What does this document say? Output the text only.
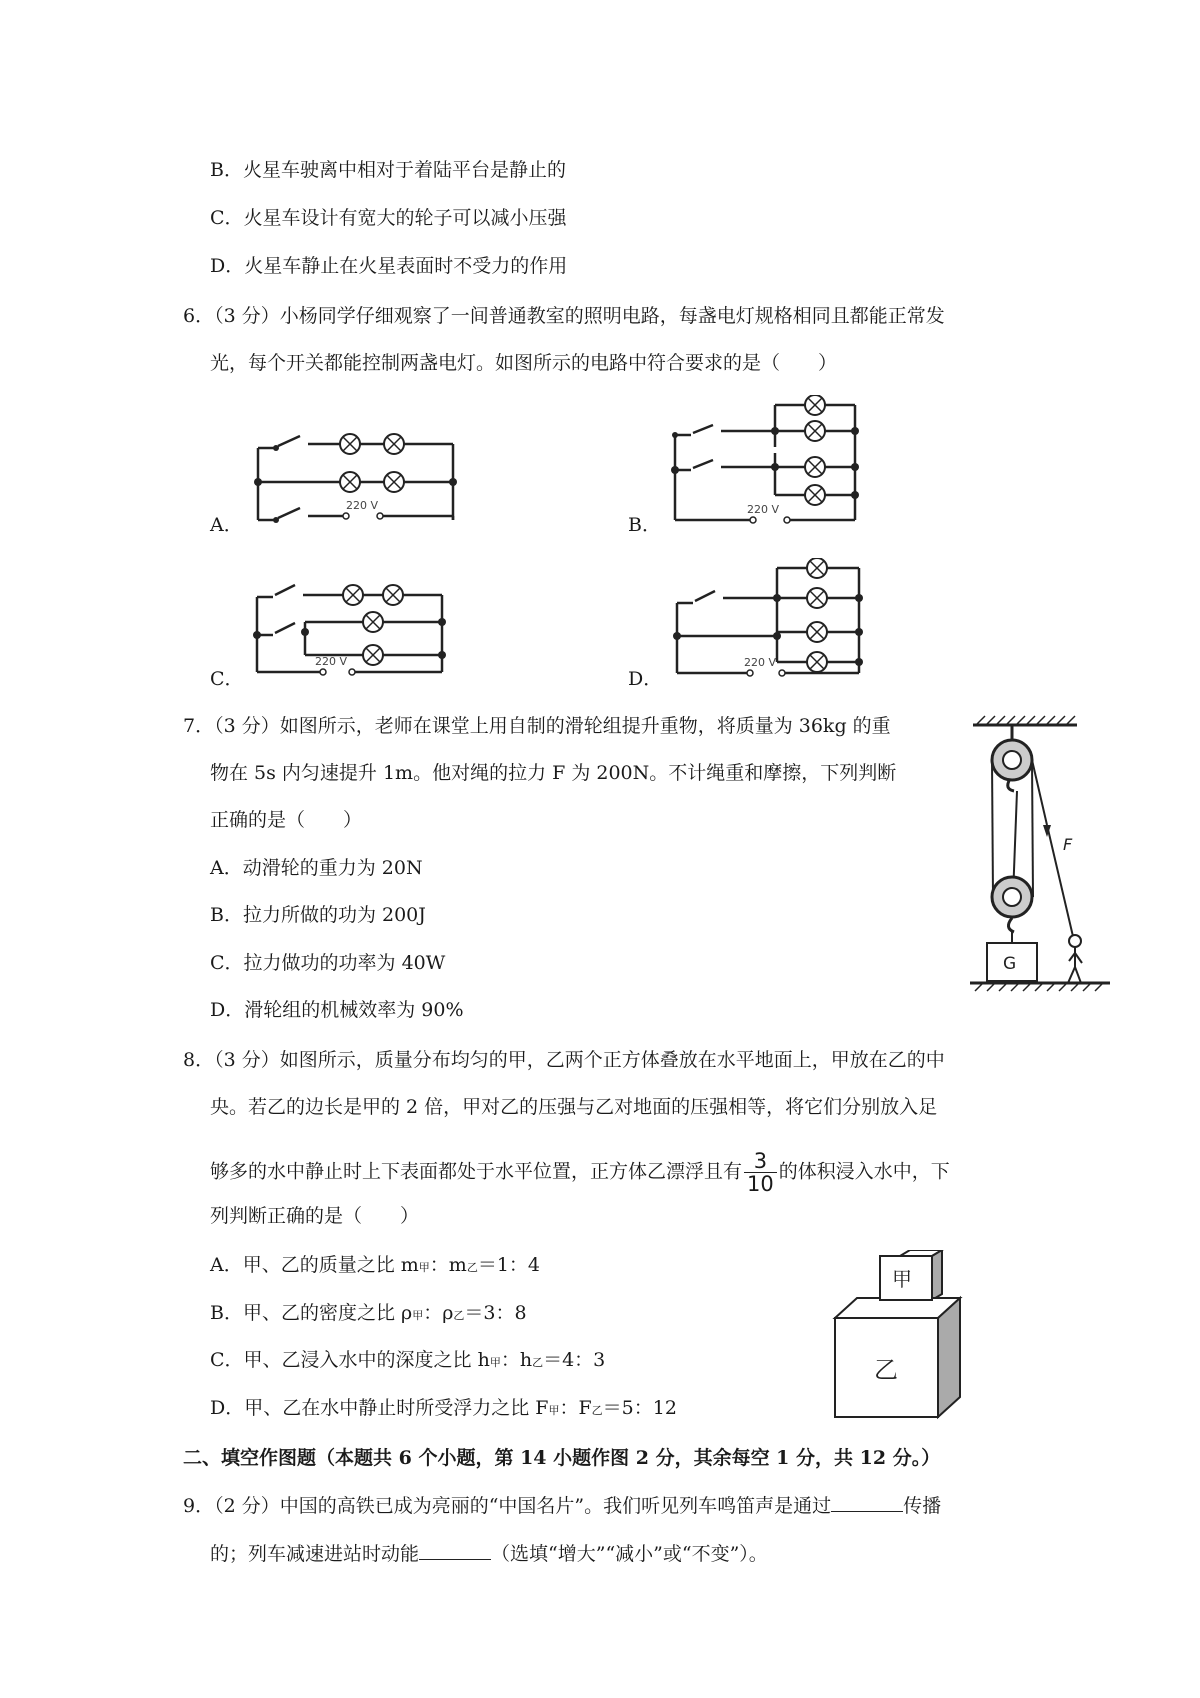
B．火星车驶离中相对于着陆平台是静止的
C．火星车设计有宽大的轮子可以减小压强
D．火星车静止在火星表面时不受力的作用
6．（3 分）小杨同学仔细观察了一间普通教室的照明电路，每盏电灯规格相同且都能正常发
光，每个开关都能控制两盏电灯。如图所示的电路中符合要求的是（　　）
A．
220 V
B．
220 V
C．
220 V
D．
220 V
7．（3 分）如图所示，老师在课堂上用自制的滑轮组提升重物，将质量为 36kg 的重
物在 5s 内匀速提升 1m。他对绳的拉力 F 为 200N。不计绳重和摩擦，下列判断
正确的是（　　）
A．动滑轮的重力为 20N
B．拉力所做的功为 200J
C．拉力做功的功率为 40W
D．滑轮组的机械效率为 90%
F
G
8．（3 分）如图所示，质量分布均匀的甲，乙两个正方体叠放在水平地面上，甲放在乙的中
央。若乙的边长是甲的 2 倍，甲对乙的压强与乙对地面的压强相等，将它们分别放入足
够多的水中静止时上下表面都处于水平位置，正方体乙漂浮且有 $\frac{3}{10}$ 的体积浸入水中，下
列判断正确的是（　　）
A．甲、乙的质量之比 m甲：m乙＝1：4
B．甲、乙的密度之比 ρ甲：ρ乙＝3：8
C．甲、乙浸入水中的深度之比 h甲：h乙＝4：3
D．甲、乙在水中静止时所受浮力之比 F甲：F乙＝5：12
甲
乙
二、填空作图题（本题共 6 个小题，第 14 小题作图 2 分，其余每空 1 分，共 12 分。）
9．（2 分）中国的高铁已成为亮丽的“中国名片”。我们听见列车鸣笛声是通过	传播
的；列车减速进站时动能	（选填“增大”“减小”或“不变”）。
